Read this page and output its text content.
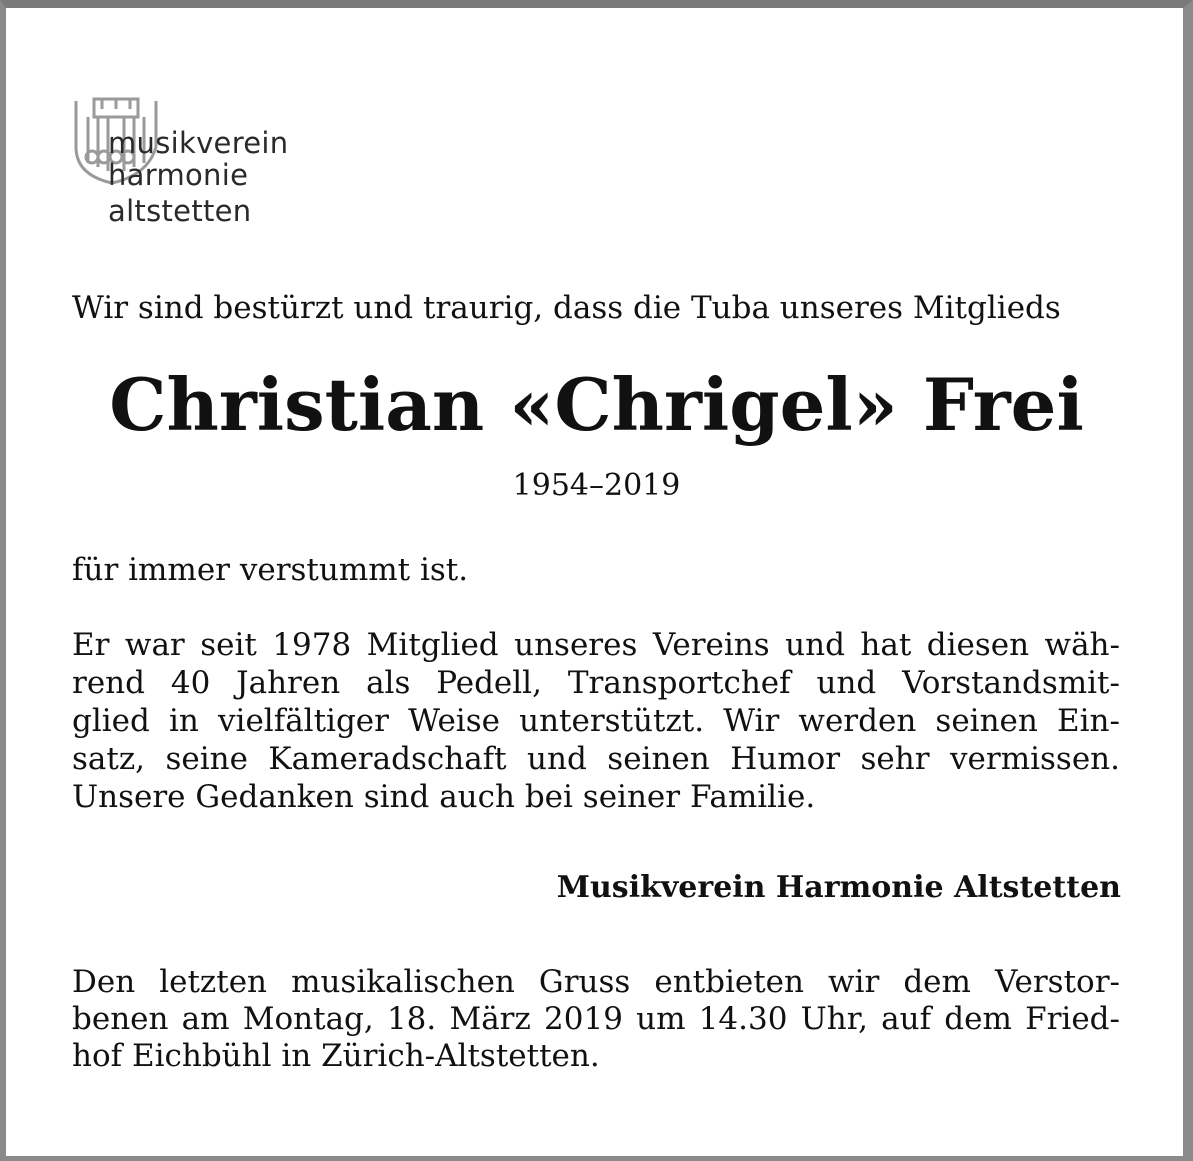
musikverein
harmonie
altstetten
Wir sind bestürzt und traurig, dass die Tuba unseres Mitglieds
Christian «Chrigel» Frei
1954–2019
für immer verstummt ist.
Er war seit 1978 Mitglied unseres Vereins und hat diesen wäh-
rend 40 Jahren als Pedell, Transportchef und Vorstandsmit-
glied in vielfältiger Weise unterstützt. Wir werden seinen Ein-
satz, seine Kameradschaft und seinen Humor sehr vermissen.
Unsere Gedanken sind auch bei seiner Familie.
Musikverein Harmonie Altstetten
Den letzten musikalischen Gruss entbieten wir dem Verstor-
benen am Montag, 18. März 2019 um 14.30 Uhr, auf dem Fried-
hof Eichbühl in Zürich-Altstetten.
